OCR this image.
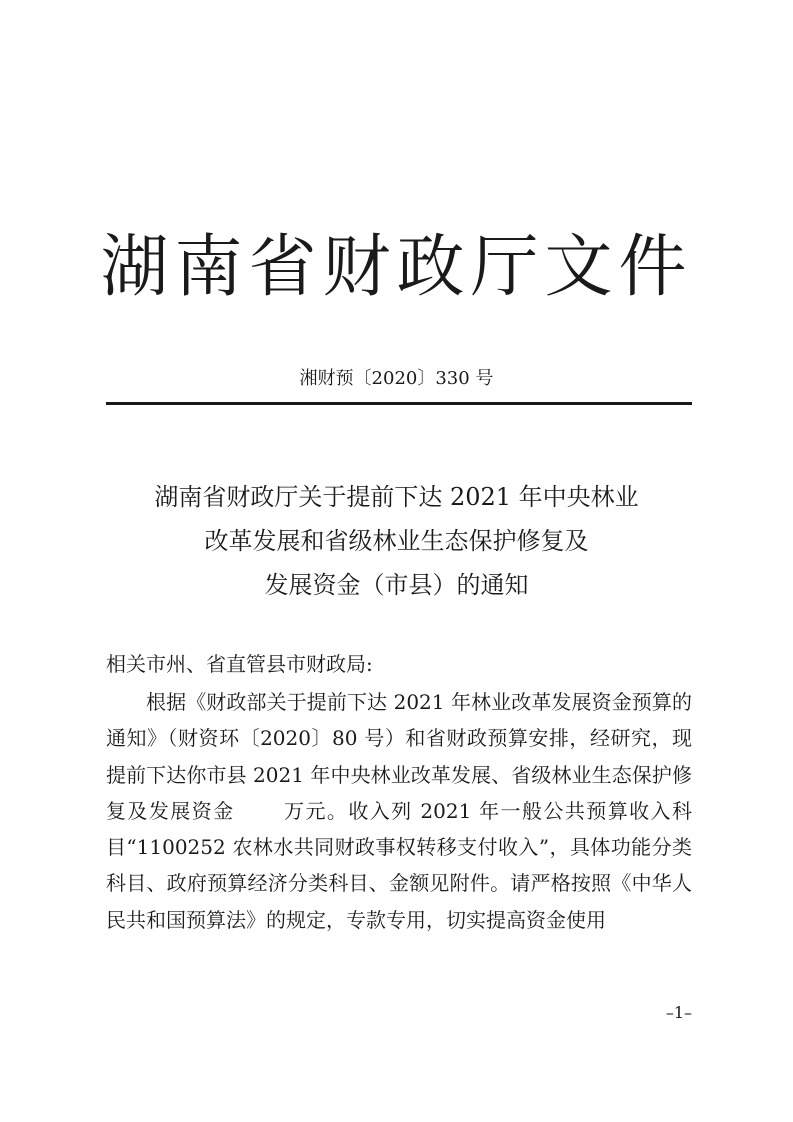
湖南省财政厅文件
湘财预〔2020〕330 号
湖南省财政厅关于提前下达 2021 年中央林业
改革发展和省级林业生态保护修复及
发展资金（市县）的通知
相关市州、省直管县市财政局:
根据《财政部关于提前下达 2021 年林业改革发展资金预算的通知》（财资环〔2020〕80 号）和省财政预算安排，经研究，现提前下达你市县 2021 年中央林业改革发展、省级林业生态保护修复及发展资金 万元。收入列 2021 年一般公共预算收入科目“1100252 农林水共同财政事权转移支付收入”，具体功能分类科目、政府预算经济分类科目、金额见附件。请严格按照《中华人民共和国预算法》的规定，专款专用，切实提高资金使用
–1–
